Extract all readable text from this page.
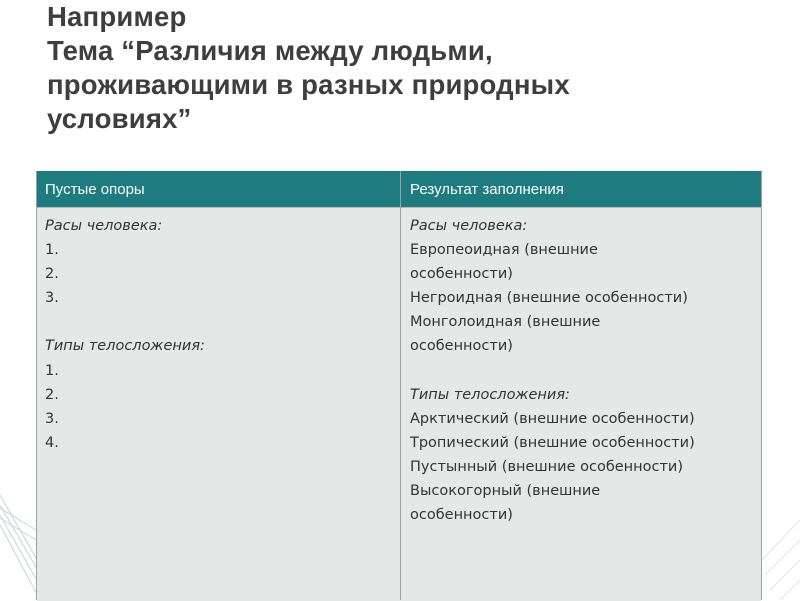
Например
Тема “Различия между людьми,
проживающими в разных природных
условиях”
Пустые опоры	Результат заполнения
Расы человека:
1.
2.
3.
Типы телосложения:
1.
2.
3.
4.
Расы человека:
Европеоидная (внешние
особенности)
Негроидная (внешние особенности)
Монголоидная (внешние
особенности)
Типы телосложения:
Арктический (внешние особенности)
Тропический (внешние особенности)
Пустынный (внешние особенности)
Высокогорный (внешние
особенности)
